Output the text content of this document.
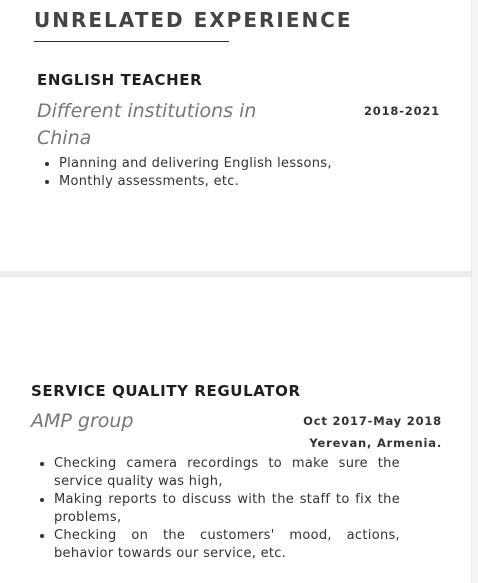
UNRELATED EXPERIENCE
ENGLISH TEACHER
Different institutions in China
2018-2021
• Planning and delivering English lessons,
• Monthly assessments, etc.
SERVICE QUALITY REGULATOR
AMP group	Oct 2017-May 2018
Yerevan, Armenia.
• Checking camera recordings to make sure the service quality was high,
• Making reports to discuss with the staff to fix the problems,
• Checking on the customers' mood, actions, behavior towards our service, etc.
